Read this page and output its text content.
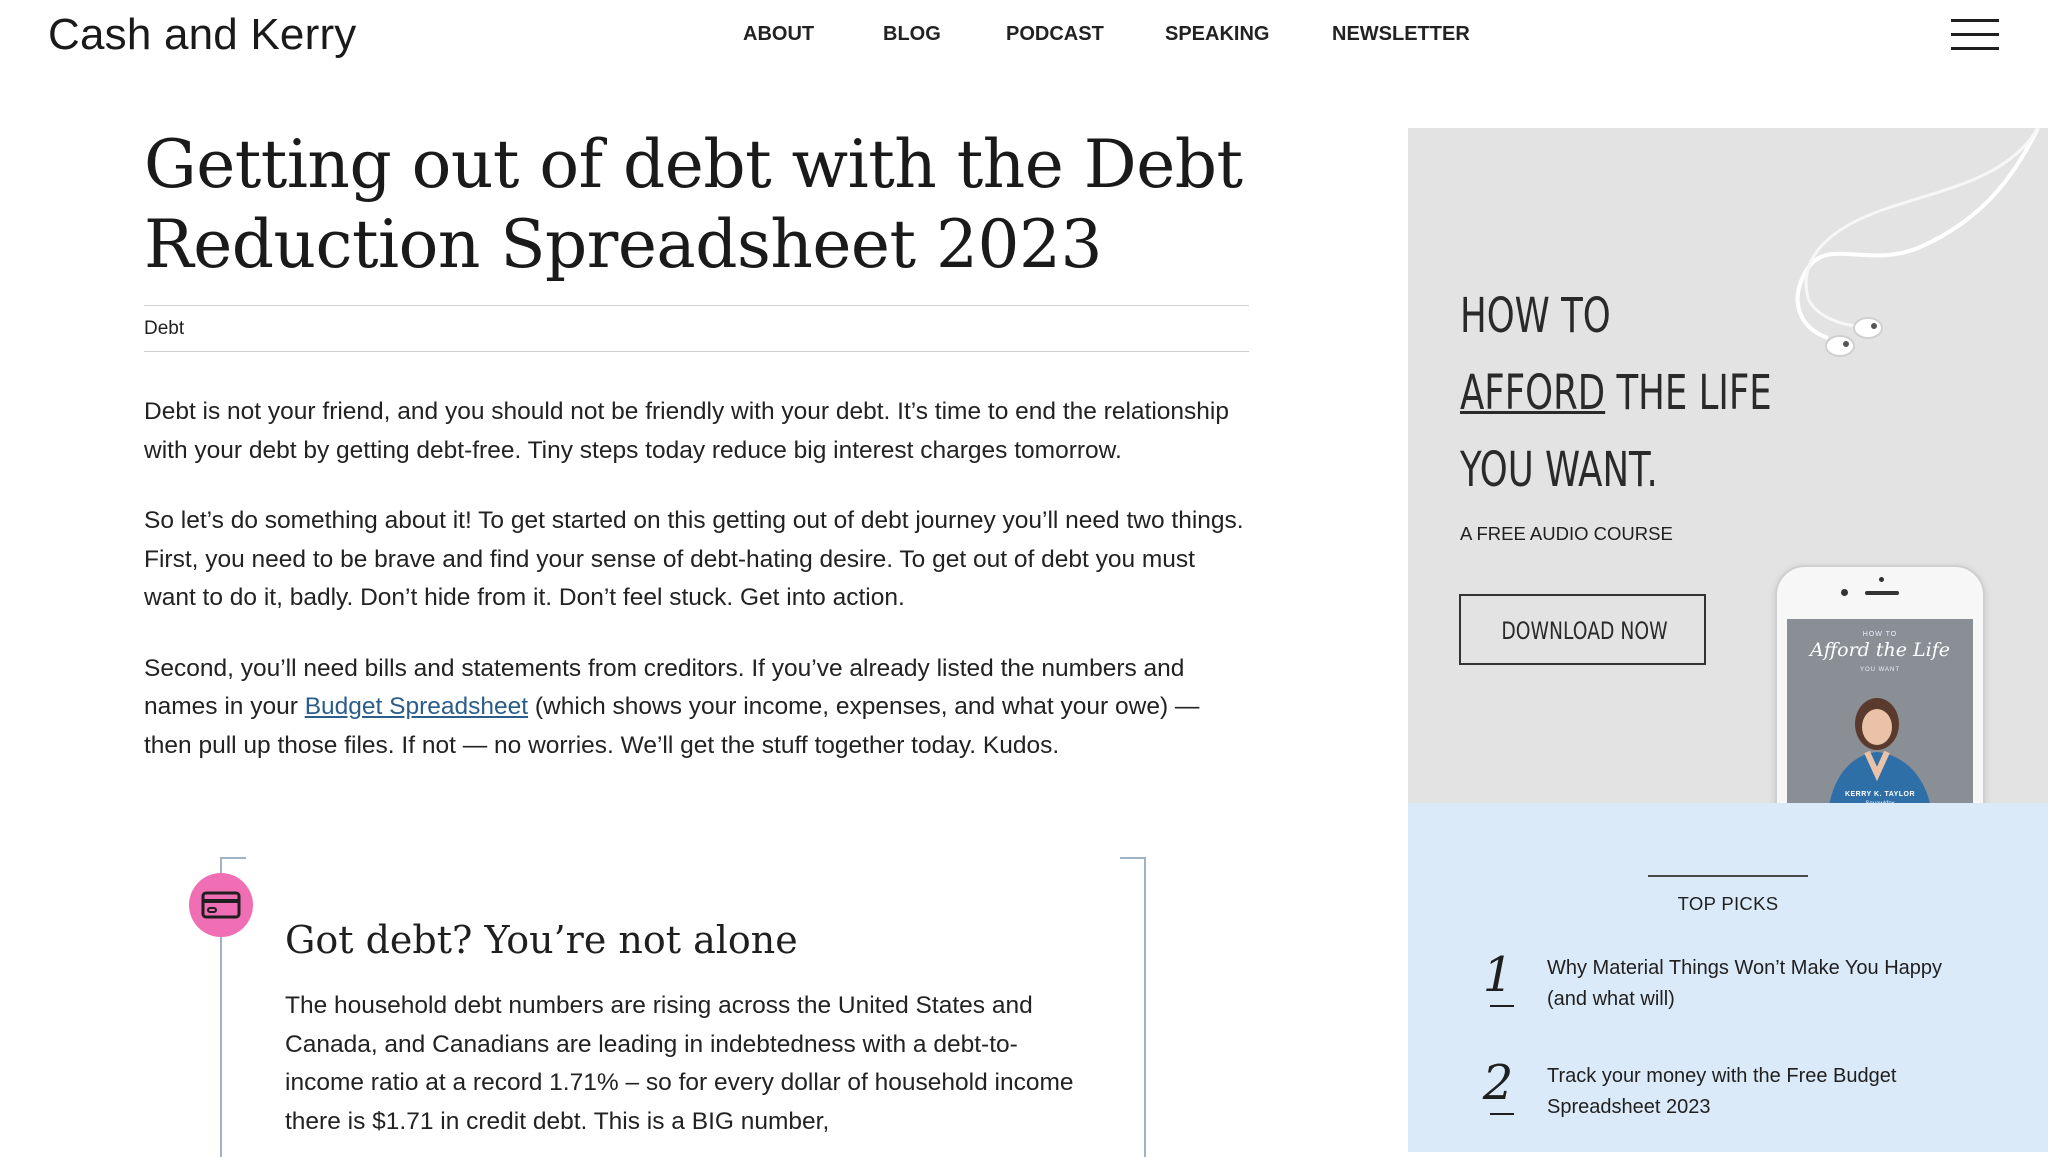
Cash and Kerry	ABOUT	BLOG	PODCAST	SPEAKING	NEWSLETTER
Getting out of debt with the Debt
Reduction Spreadsheet 2023
Debt

Debt is not your friend, and you should not be friendly with your debt. It’s time to end the relationship with your debt by getting debt-free. Tiny steps today reduce big interest charges tomorrow.

So let’s do something about it! To get started on this getting out of debt journey you’ll need two things. First, you need to be brave and find your sense of debt-hating desire. To get out of debt you must want to do it, badly. Don’t hide from it. Don’t feel stuck. Get into action.

Second, you’ll need bills and statements from creditors. If you’ve already listed the numbers and names in your Budget Spreadsheet (which shows your income, expenses, and what your owe) — then pull up those files. If not — no worries. We’ll get the stuff together today. Kudos.

Got debt? You’re not alone

The household debt numbers are rising across the United States and Canada, and Canadians are leading in indebtedness with a debt-to-income ratio at a record 1.71% – so for every dollar of household income there is $1.71 in credit debt. This is a BIG number,

HOW TO
AFFORD THE LIFE
YOU WANT.
A FREE AUDIO COURSE
DOWNLOAD NOW	HOW TO
Afford the Life
YOU WANT
KERRY K. TAYLOR
TOP PICKS
1 Why Material Things Won’t Make You Happy (and what will)
2 Track your money with the Free Budget Spreadsheet 2023
